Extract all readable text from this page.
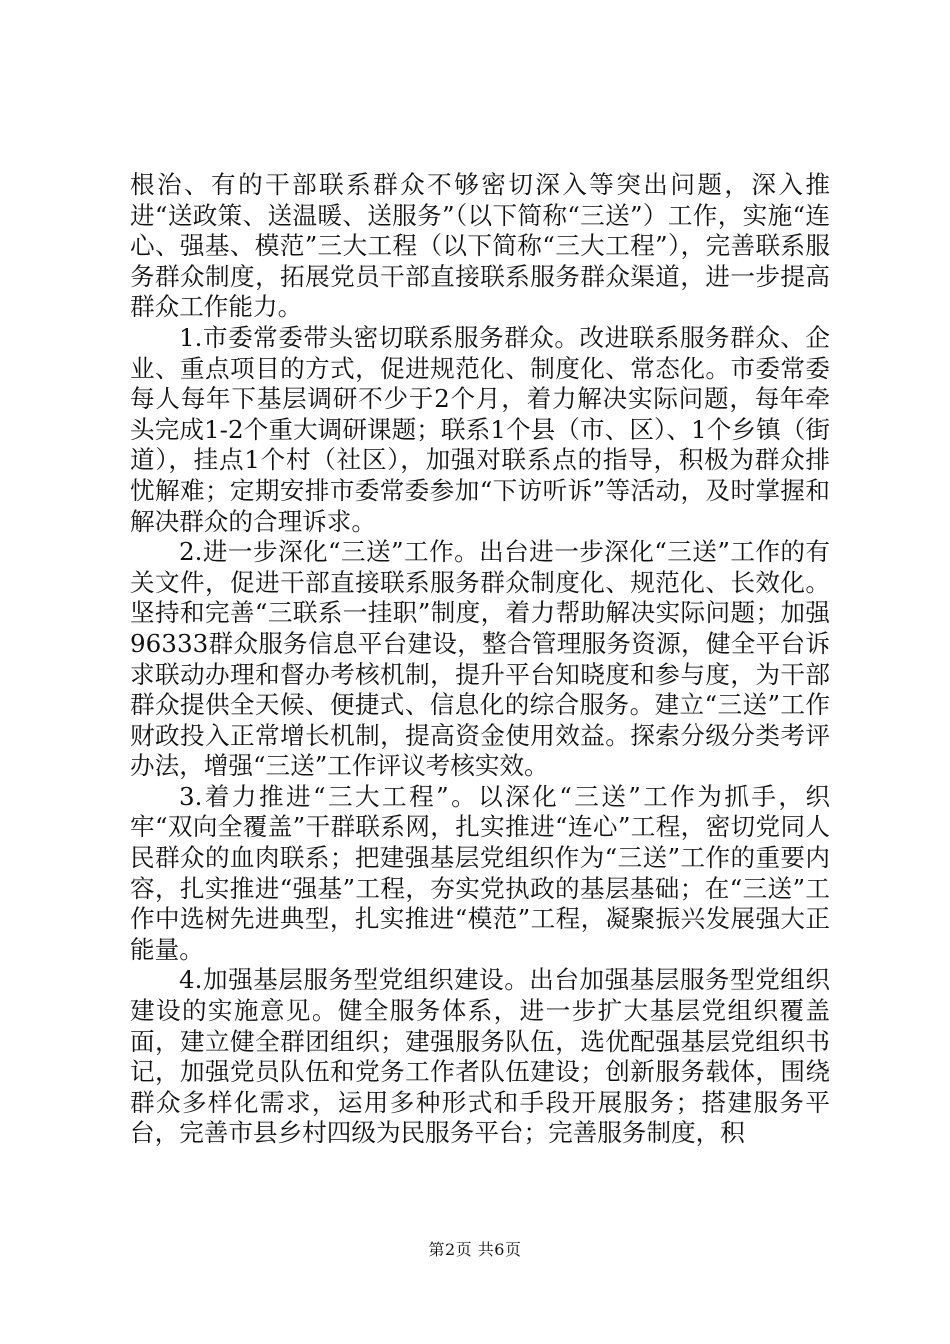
根治、有的干部联系群众不够密切深入等突出问题，深入推进“送政策、送温暖、送服务”（以下简称“三送”）工作，实施“连心、强基、模范”三大工程（以下简称“三大工程”），完善联系服务群众制度，拓展党员干部直接联系服务群众渠道，进一步提高群众工作能力。

1.市委常委带头密切联系服务群众。改进联系服务群众、企业、重点项目的方式，促进规范化、制度化、常态化。市委常委每人每年下基层调研不少于2个月，着力解决实际问题，每年牵头完成1-2个重大调研课题；联系1个县（市、区）、1个乡镇（街道），挂点1个村（社区），加强对联系点的指导，积极为群众排忧解难；定期安排市委常委参加“下访听诉”等活动，及时掌握和解决群众的合理诉求。

2.进一步深化“三送”工作。出台进一步深化“三送”工作的有关文件，促进干部直接联系服务群众制度化、规范化、长效化。坚持和完善“三联系一挂职”制度，着力帮助解决实际问题；加强96333群众服务信息平台建设，整合管理服务资源，健全平台诉求联动办理和督办考核机制，提升平台知晓度和参与度，为干部群众提供全天候、便捷式、信息化的综合服务。建立“三送”工作财政投入正常增长机制，提高资金使用效益。探索分级分类考评办法，增强“三送”工作评议考核实效。

3.着力推进“三大工程”。以深化“三送”工作为抓手，织牢“双向全覆盖”干群联系网，扎实推进“连心”工程，密切党同人民群众的血肉联系；把建强基层党组织作为“三送”工作的重要内容，扎实推进“强基”工程，夯实党执政的基层基础；在“三送”工作中选树先进典型，扎实推进“模范”工程，凝聚振兴发展强大正能量。

4.加强基层服务型党组织建设。出台加强基层服务型党组织建设的实施意见。健全服务体系，进一步扩大基层党组织覆盖面，建立健全群团组织；建强服务队伍，选优配强基层党组织书记，加强党员队伍和党务工作者队伍建设；创新服务载体，围绕群众多样化需求，运用多种形式和手段开展服务；搭建服务平台，完善市县乡村四级为民服务平台；完善服务制度，积

第2页 共6页
